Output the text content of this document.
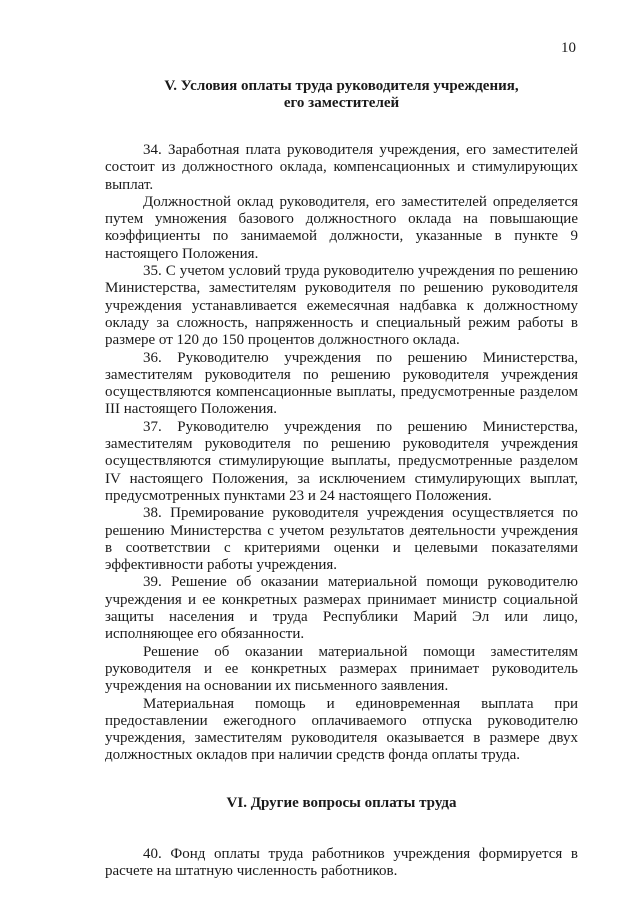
10
V. Условия оплаты труда руководителя учреждения,
его заместителей

34. Заработная плата руководителя учреждения, его заместителей состоит из должностного оклада, компенсационных и стимулирующих выплат.

Должностной оклад руководителя, его заместителей определяется путем умножения базового должностного оклада на повышающие коэффициенты по занимаемой должности, указанные в пункте 9 настоящего Положения.

35. С учетом условий труда руководителю учреждения по решению Министерства, заместителям руководителя по решению руководителя учреждения устанавливается ежемесячная надбавка к должностному окладу за сложность, напряженность и специальный режим работы в размере от 120 до 150 процентов должностного оклада.

36. Руководителю учреждения по решению Министерства, заместителям руководителя по решению руководителя учреждения осуществляются компенсационные выплаты, предусмотренные разделом III настоящего Положения.

37. Руководителю учреждения по решению Министерства, заместителям руководителя по решению руководителя учреждения осуществляются стимулирующие выплаты, предусмотренные разделом IV настоящего Положения, за исключением стимулирующих выплат, предусмотренных пунктами 23 и 24 настоящего Положения.

38. Премирование руководителя учреждения осуществляется по решению Министерства с учетом результатов деятельности учреждения в соответствии с критериями оценки и целевыми показателями эффективности работы учреждения.

39. Решение об оказании материальной помощи руководителю учреждения и ее конкретных размерах принимает министр социальной защиты населения и труда Республики Марий Эл или лицо, исполняющее его обязанности.

Решение об оказании материальной помощи заместителям руководителя и ее конкретных размерах принимает руководитель учреждения на основании их письменного заявления.

Материальная помощь и единовременная выплата при предоставлении ежегодного оплачиваемого отпуска руководителю учреждения, заместителям руководителя оказывается в размере двух должностных окладов при наличии средств фонда оплаты труда.

VI. Другие вопросы оплаты труда

40. Фонд оплаты труда работников учреждения формируется в расчете на штатную численность работников.
